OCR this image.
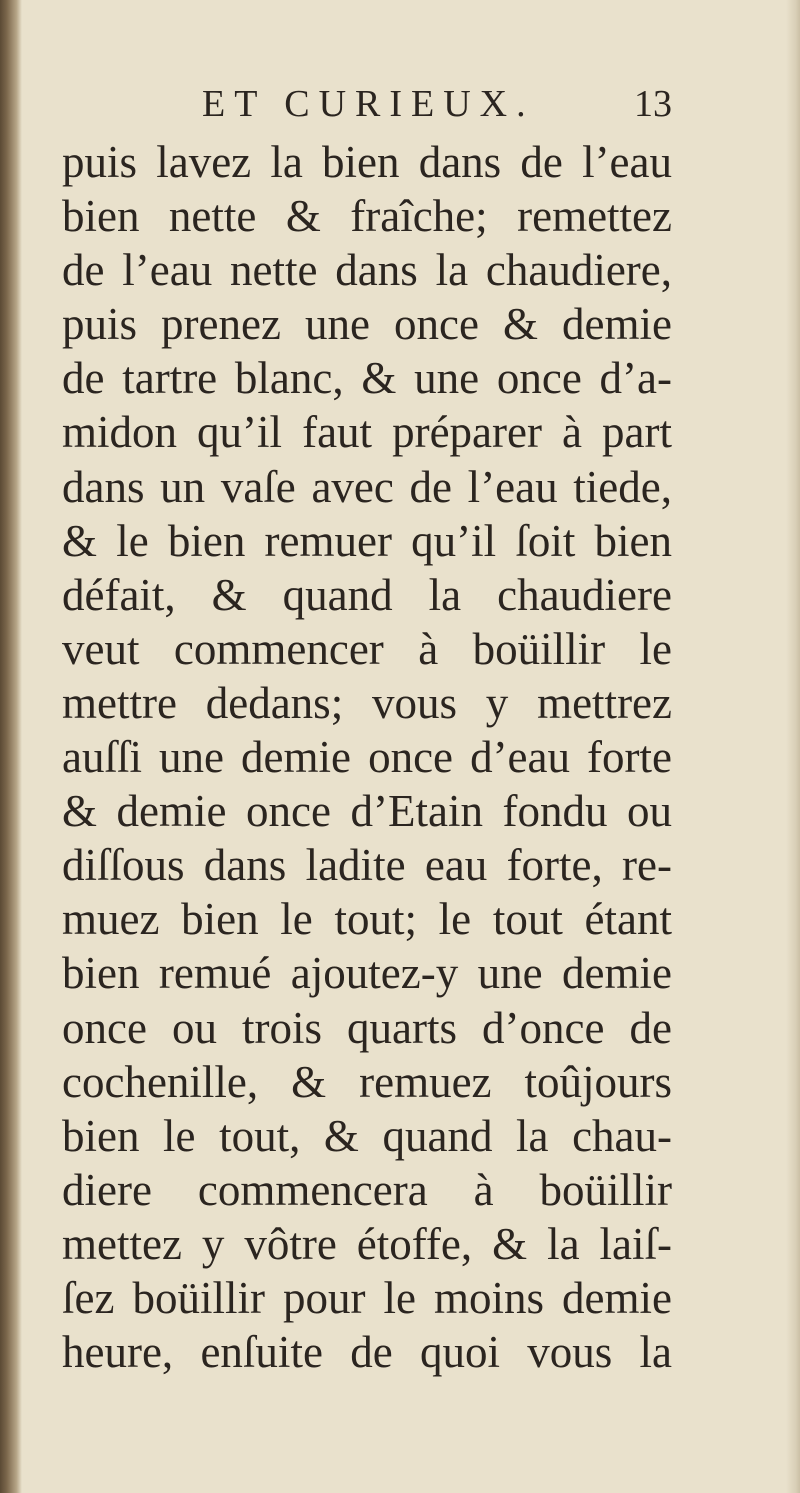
ET CURIEUX.	13
puis lavez la bien dans de l’eau
bien nette & fraîche; remettez
de l’eau nette dans la chaudiere,
puis prenez une once & demie
de tartre blanc, & une once d’a-
midon qu’il faut préparer à part
dans un vaſe avec de l’eau tiede,
& le bien remuer qu’il ſoit bien
défait, & quand la chaudiere
veut commencer à boüillir le
mettre dedans; vous y mettrez
auſſi une demie once d’eau forte
& demie once d’Etain fondu ou
diſſous dans ladite eau forte, re-
muez bien le tout; le tout étant
bien remué ajoutez-y une demie
once ou trois quarts d’once de
cochenille, & remuez toûjours
bien le tout, & quand la chau-
diere commencera à boüillir
mettez y vôtre étoffe, & la laiſ-
ſez boüillir pour le moins demie
heure, enſuite de quoi vous la
